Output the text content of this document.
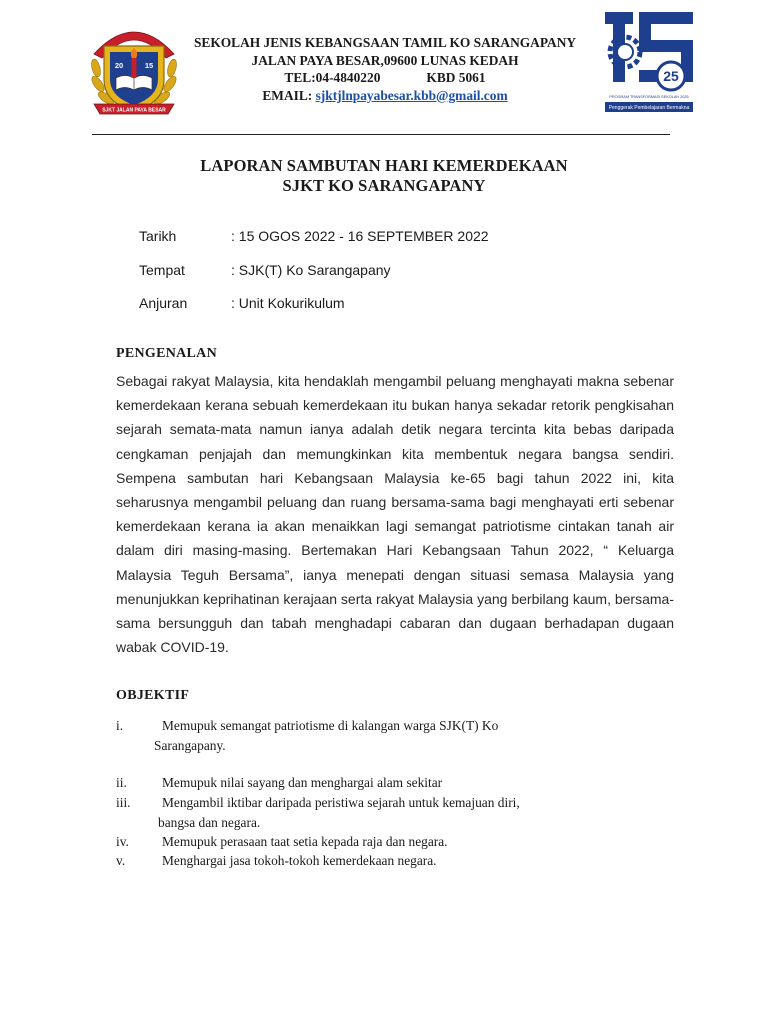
20	15
SJKT JALAN PAYA BESAR
SEKOLAH JENIS KEBANGSAAN TAMIL KO SARANGAPANY
JALAN PAYA BESAR,09600 LUNAS KEDAH
TEL:04-4840220	KBD 5061
EMAIL: sjktjlnpayabesar.kbb@gmail.com
25
PROGRAM TRANSFORMASI SEKOLAH 2025
Penggerak Pembelajaran Bermakna
LAPORAN SAMBUTAN HARI KEMERDEKAAN
SJKT KO SARANGAPANY
Tarikh	: 15 OGOS 2022 - 16 SEPTEMBER 2022
Tempat	: SJK(T) Ko Sarangapany
Anjuran	: Unit Kokurikulum
PENGENALAN

Sebagai rakyat Malaysia, kita hendaklah mengambil peluang menghayati makna sebenar kemerdekaan kerana sebuah kemerdekaan itu bukan hanya sekadar retorik pengkisahan sejarah semata-mata namun ianya adalah detik negara tercinta kita bebas daripada cengkaman penjajah dan memungkinkan kita membentuk negara bangsa sendiri. Sempena sambutan hari Kebangsaan Malaysia ke-65 bagi tahun 2022 ini, kita seharusnya mengambil peluang dan ruang bersama-sama bagi menghayati erti sebenar kemerdekaan kerana ia akan menaikkan lagi semangat patriotisme cintakan tanah air dalam diri masing-masing. Bertemakan Hari Kebangsaan Tahun 2022, “ Keluarga Malaysia Teguh Bersama”, ianya menepati dengan situasi semasa Malaysia yang menunjukkan keprihatinan kerajaan serta rakyat Malaysia yang berbilang kaum, bersama-sama bersungguh dan tabah menghadapi cabaran dan dugaan berhadapan dugaan wabak COVID-19.

OBJEKTIF
i.	Memupuk semangat patriotisme di kalangan warga SJK(T) Ko
Sarangapany.
ii.	Memupuk nilai sayang dan menghargai alam sekitar
iii. Mengambil iktibar daripada peristiwa sejarah untuk kemajuan diri,
bangsa dan negara.
iv. Memupuk perasaan taat setia kepada raja dan negara.
v.	Menghargai jasa tokoh-tokoh kemerdekaan negara.
